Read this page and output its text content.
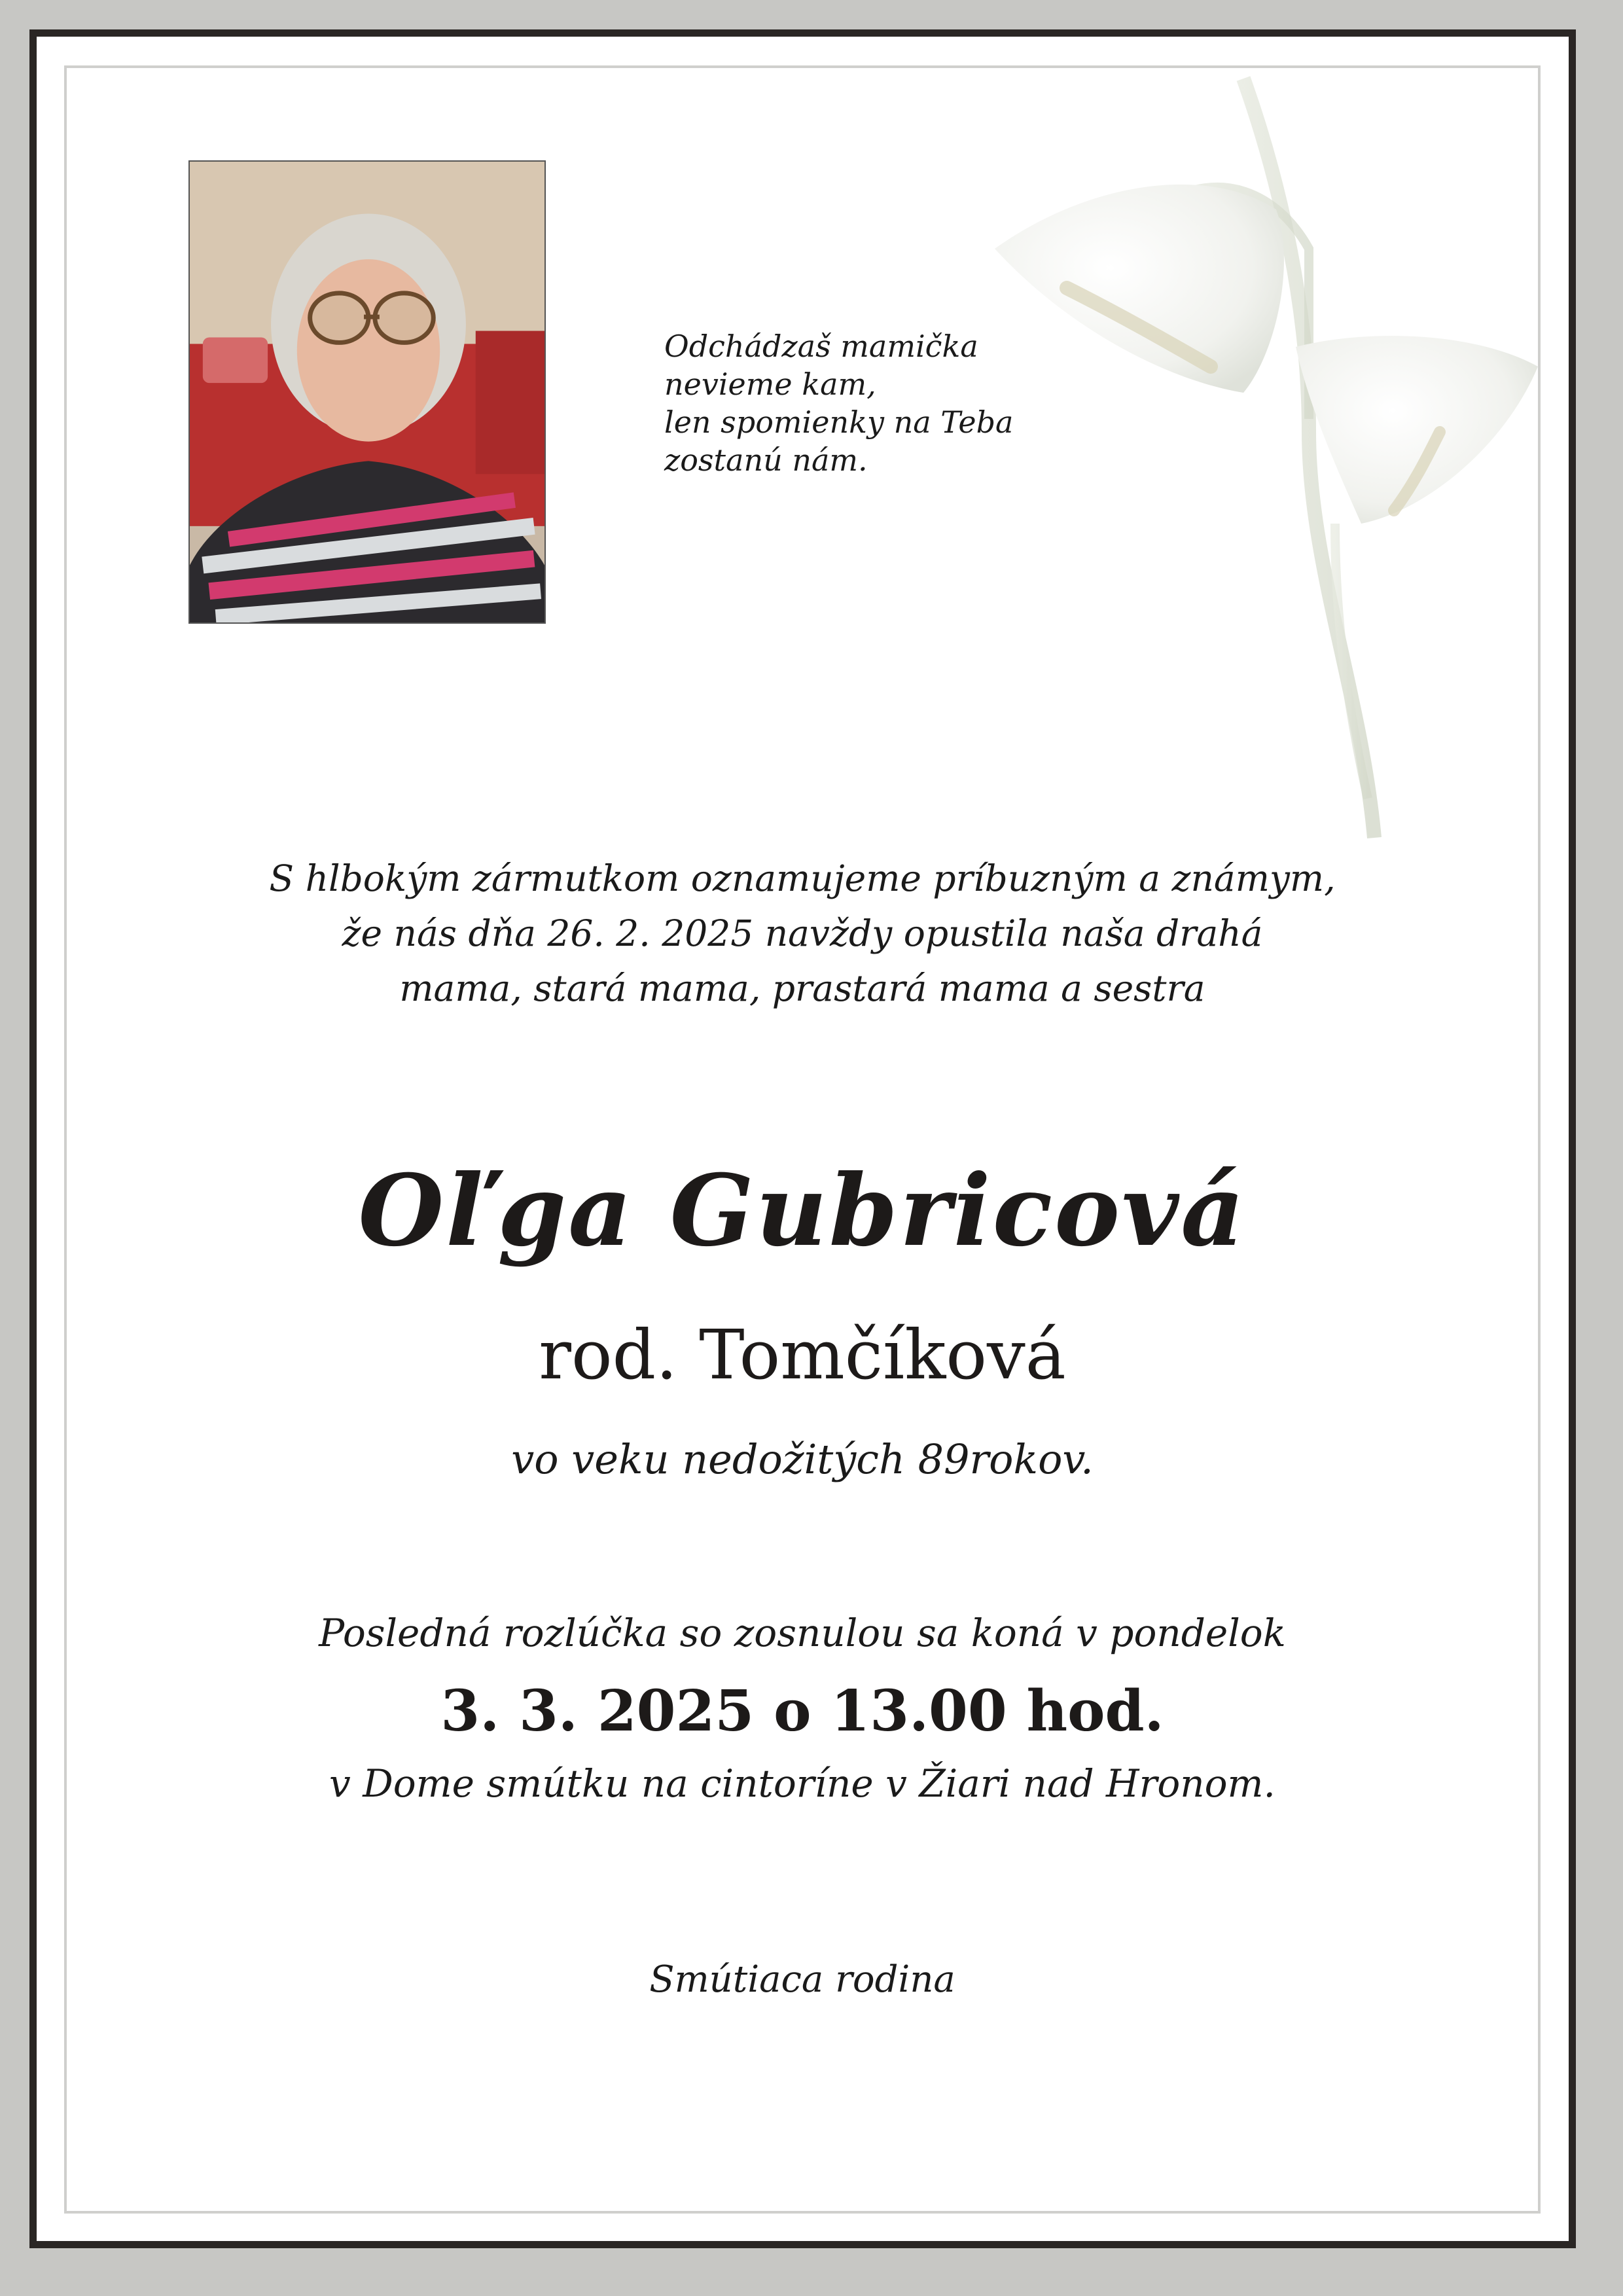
Odchádzaš mamička
nevieme kam,
len spomienky na Teba
zostanú nám.
S hlbokým zármutkom oznamujeme príbuzným a známym,
že nás dňa 26. 2. 2025 navždy opustila naša drahá
mama, stará mama, prastará mama a sestra
Oľga Gubricová
rod. Tomčíková
vo veku nedožitých 89rokov.
Posledná rozlúčka so zosnulou sa koná v pondelok
3. 3. 2025 o 13.00 hod.
v Dome smútku na cintoríne v Žiari nad Hronom.
Smútiaca rodina
